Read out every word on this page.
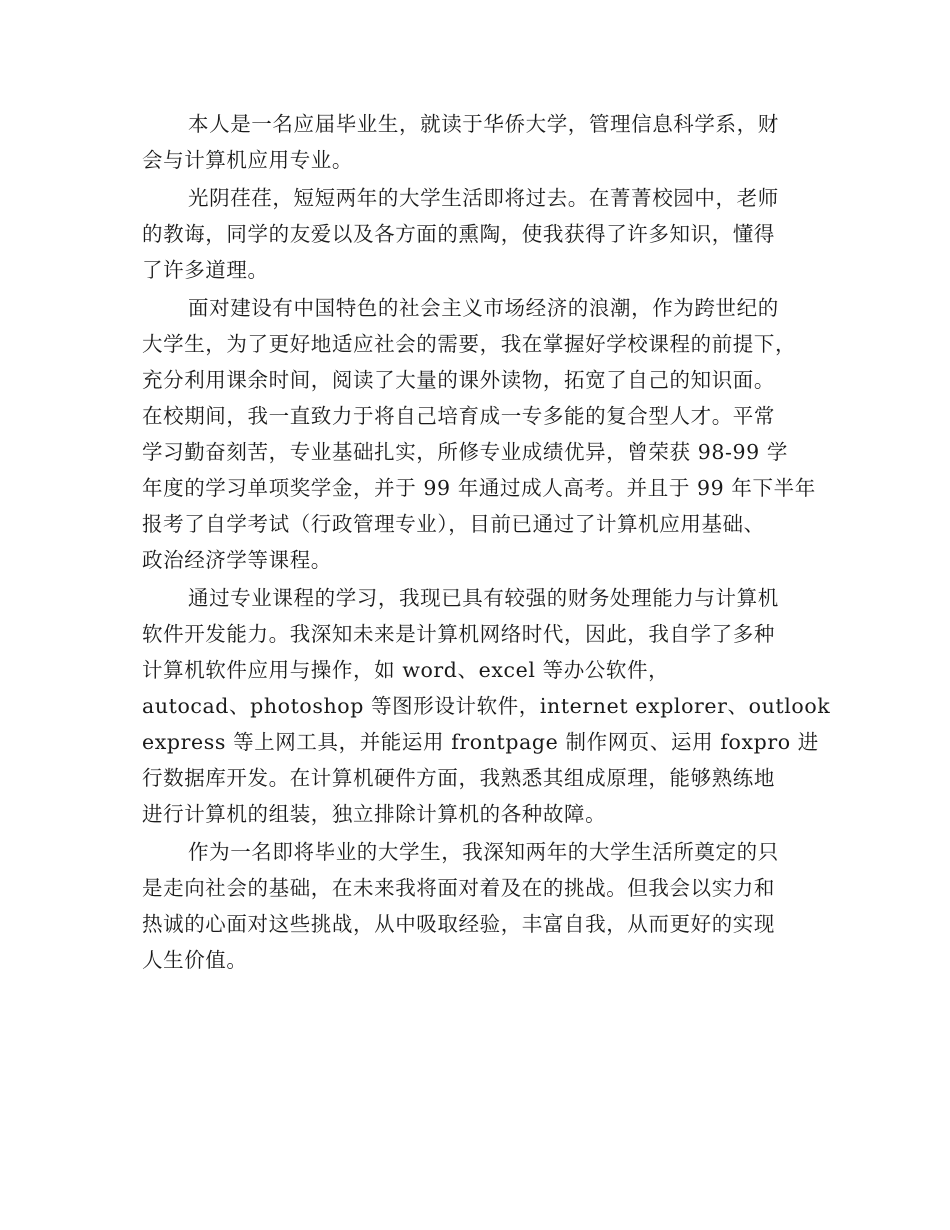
本人是一名应届毕业生，就读于华侨大学，管理信息科学系，财
会与计算机应用专业。
光阴荏荏，短短两年的大学生活即将过去。在菁菁校园中，老师
的教诲，同学的友爱以及各方面的熏陶，使我获得了许多知识，懂得
了许多道理。
面对建设有中国特色的社会主义市场经济的浪潮，作为跨世纪的
大学生，为了更好地适应社会的需要，我在掌握好学校课程的前提下，
充分利用课余时间，阅读了大量的课外读物，拓宽了自己的知识面。
在校期间，我一直致力于将自己培育成一专多能的复合型人才。平常
学习勤奋刻苦，专业基础扎实，所修专业成绩优异，曾荣获 98-99 学
年度的学习单项奖学金，并于 99 年通过成人高考。并且于 99 年下半年
报考了自学考试（行政管理专业），目前已通过了计算机应用基础、
政治经济学等课程。
通过专业课程的学习，我现已具有较强的财务处理能力与计算机
软件开发能力。我深知未来是计算机网络时代，因此，我自学了多种
计算机软件应用与操作，如 word、excel 等办公软件，
autocad、photoshop 等图形设计软件，internet explorer、outlook
express 等上网工具，并能运用 frontpage 制作网页、运用 foxpro 进
行数据库开发。在计算机硬件方面，我熟悉其组成原理，能够熟练地
进行计算机的组装，独立排除计算机的各种故障。
作为一名即将毕业的大学生，我深知两年的大学生活所奠定的只
是走向社会的基础，在未来我将面对着及在的挑战。但我会以实力和
热诚的心面对这些挑战，从中吸取经验，丰富自我，从而更好的实现
人生价值。
